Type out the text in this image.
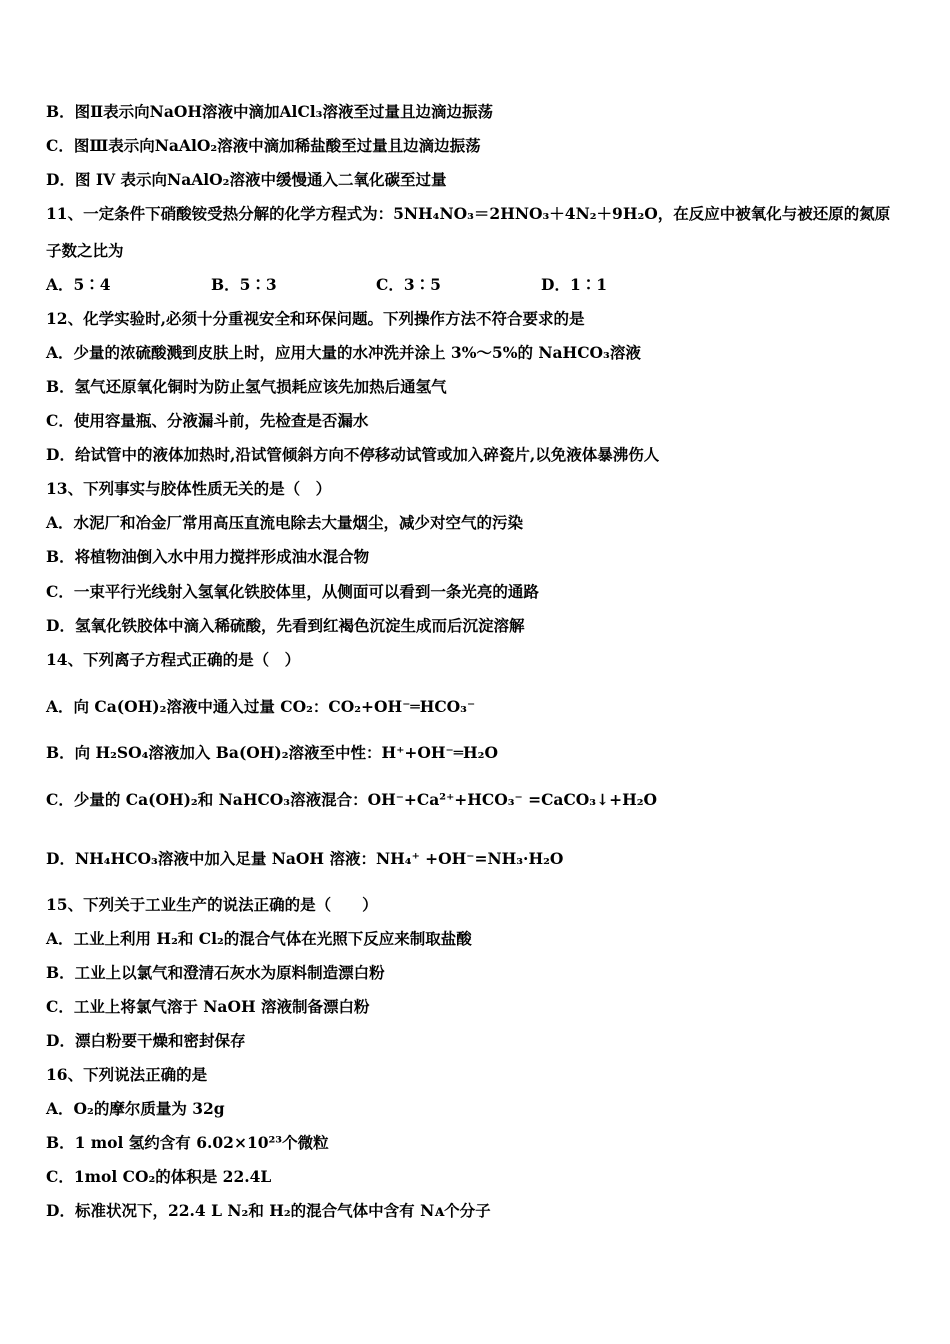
B．图Ⅱ表示向NaOH溶液中滴加AlCl₃溶液至过量且边滴边振荡
C．图Ⅲ表示向NaAlO₂溶液中滴加稀盐酸至过量且边滴边振荡
D．图 IV 表示向NaAlO₂溶液中缓慢通入二氧化碳至过量
11、一定条件下硝酸铵受热分解的化学方程式为：5NH₄NO₃＝2HNO₃＋4N₂＋9H₂O，在反应中被氧化与被还原的氮原
子数之比为
A．5∶4	B．5∶3	C．3∶5	D．1∶1
12、化学实验时,必须十分重视安全和环保问题。下列操作方法不符合要求的是
A．少量的浓硫酸溅到皮肤上时，应用大量的水冲洗并涂上 3%～5%的 NaHCO₃溶液
B．氢气还原氧化铜时为防止氢气损耗应该先加热后通氢气
C．使用容量瓶、分液漏斗前，先检查是否漏水
D．给试管中的液体加热时,沿试管倾斜方向不停移动试管或加入碎瓷片,以免液体暴沸伤人
13、下列事实与胶体性质无关的是（　）
A．水泥厂和冶金厂常用高压直流电除去大量烟尘，减少对空气的污染
B．将植物油倒入水中用力搅拌形成油水混合物
C．一束平行光线射入氢氧化铁胶体里，从侧面可以看到一条光亮的通路
D．氢氧化铁胶体中滴入稀硫酸，先看到红褐色沉淀生成而后沉淀溶解
14、下列离子方程式正确的是（　）
A．向 Ca(OH)₂溶液中通入过量 CO₂：CO₂+OH⁻═HCO₃⁻
B．向 H₂SO₄溶液加入 Ba(OH)₂溶液至中性：H⁺+OH⁻═H₂O
C．少量的 Ca(OH)₂和 NaHCO₃溶液混合：OH⁻+Ca²⁺+HCO₃⁻ =CaCO₃↓+H₂O
D．NH₄HCO₃溶液中加入足量 NaOH 溶液：NH₄⁺ +OH⁻=NH₃·H₂O
15、下列关于工业生产的说法正确的是（　　）
A．工业上利用 H₂和 Cl₂的混合气体在光照下反应来制取盐酸
B．工业上以氯气和澄清石灰水为原料制造漂白粉
C．工业上将氯气溶于 NaOH 溶液制备漂白粉
D．漂白粉要干燥和密封保存
16、下列说法正确的是
A．O₂的摩尔质量为 32g
B．1 mol 氢约含有 6.02×10²³个微粒
C．1mol CO₂的体积是 22.4L
D．标准状况下，22.4 L N₂和 H₂的混合气体中含有 Nᴀ个分子
